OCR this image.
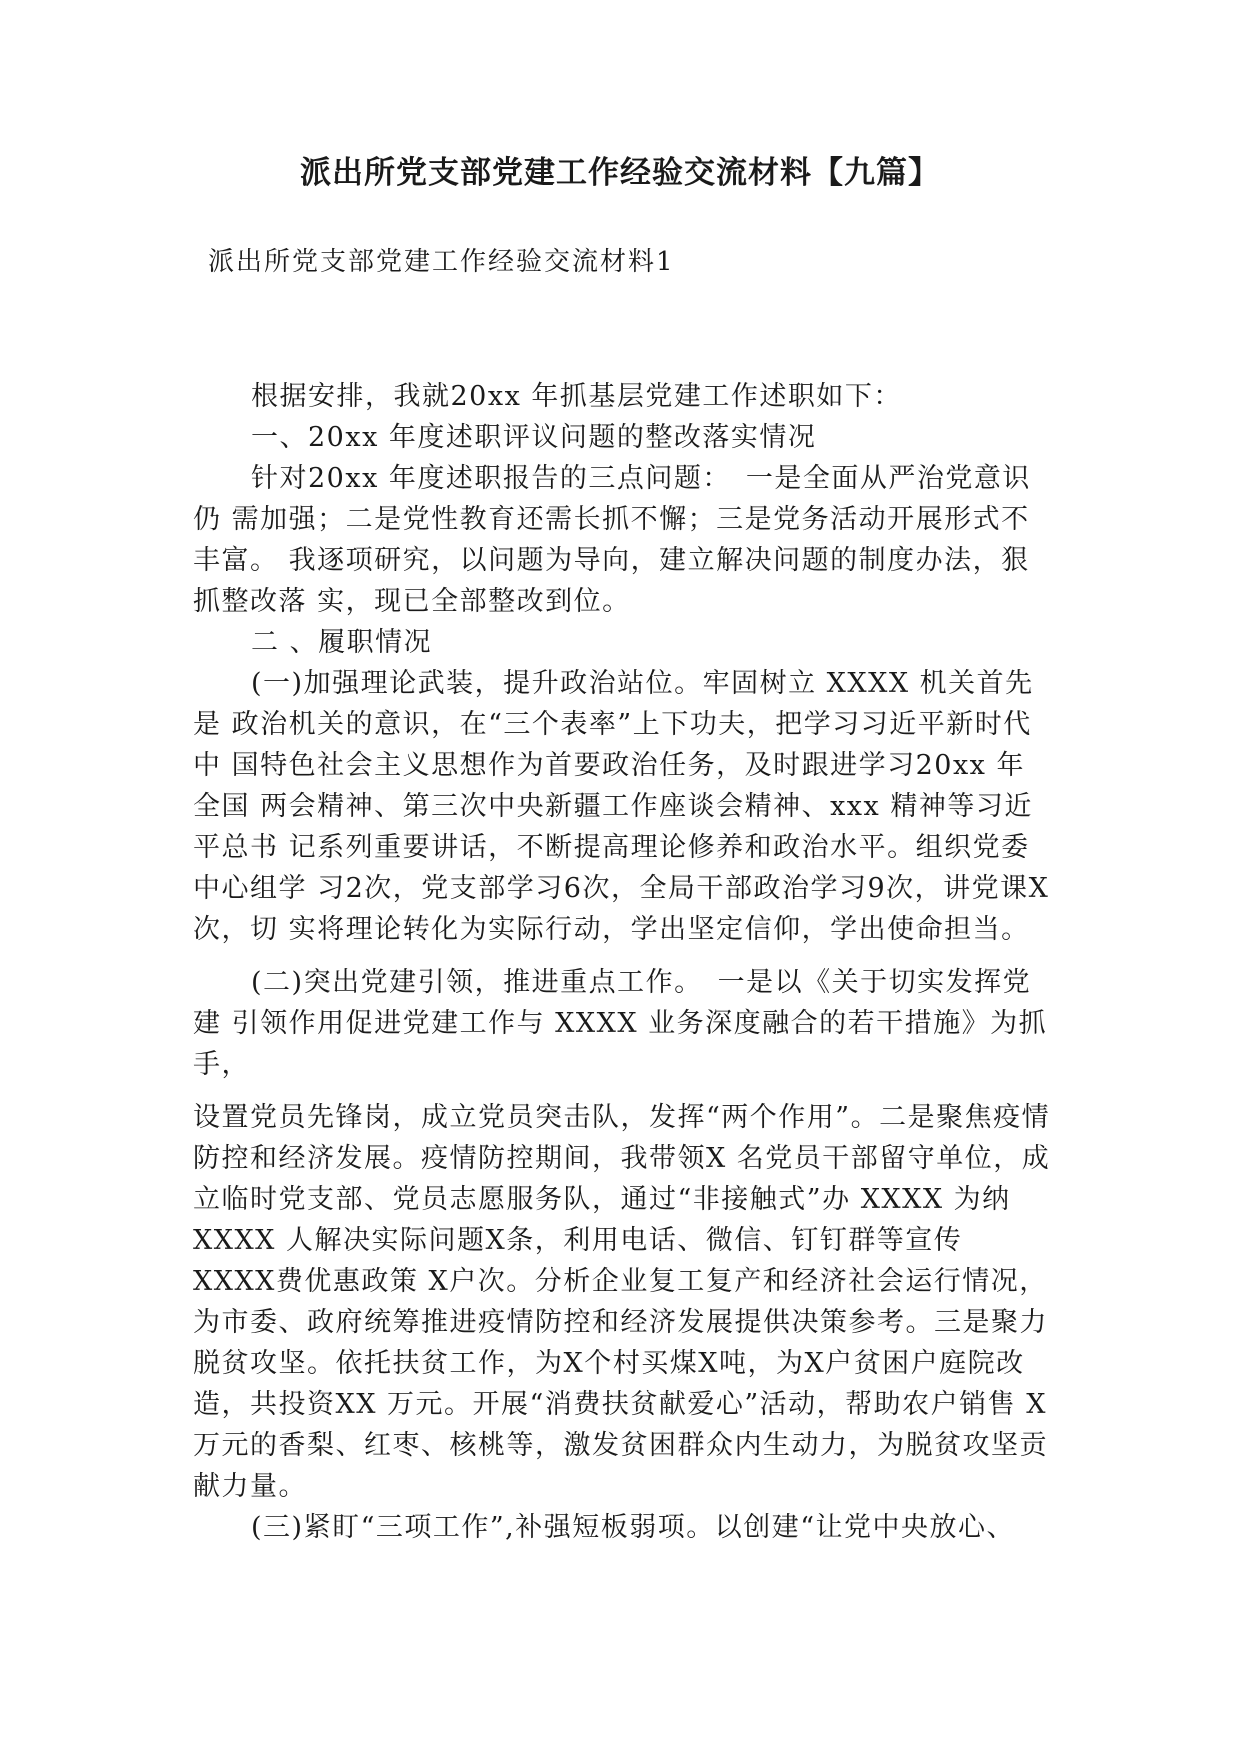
派出所党支部党建工作经验交流材料【九篇】

派出所党支部党建工作经验交流材料1

根据安排，我就20xx 年抓基层党建工作述职如下：

一、20xx 年度述职评议问题的整改落实情况

针对20xx 年度述职报告的三点问题：　一是全面从严治党意识仍 需加强；二是党性教育还需长抓不懈；三是党务活动开展形式不丰富。 我逐项研究，以问题为导向，建立解决问题的制度办法，狠抓整改落 实，现已全部整改到位。

二 、履职情况

(一)加强理论武装，提升政治站位。牢固树立 XXXX 机关首先是 政治机关的意识，在“三个表率”上下功夫，把学习习近平新时代中 国特色社会主义思想作为首要政治任务，及时跟进学习20xx 年全国 两会精神、第三次中央新疆工作座谈会精神、xxx 精神等习近平总书 记系列重要讲话，不断提高理论修养和政治水平。组织党委中心组学 习2次，党支部学习6次，全局干部政治学习9次，讲党课X次，切 实将理论转化为实际行动，学出坚定信仰，学出使命担当。

(二)突出党建引领，推进重点工作。　一是以《关于切实发挥党建 引领作用促进党建工作与 XXXX 业务深度融合的若干措施》为抓手，

设置党员先锋岗，成立党员突击队，发挥“两个作用”。二是聚焦疫情防控和经济发展。疫情防控期间，我带领X 名党员干部留守单位，成立临时党支部、党员志愿服务队，通过“非接触式”办 XXXX 为纳XXXX 人解决实际问题X条，利用电话、微信、钉钉群等宣传 XXXX费优惠政策 X户次。分析企业复工复产和经济社会运行情况，为市委、政府统筹推进疫情防控和经济发展提供决策参考。三是聚力脱贫攻坚。依托扶贫工作，为X个村买煤X吨，为X户贫困户庭院改造，共投资XX 万元。开展“消费扶贫献爱心”活动，帮助农户销售 X 万元的香梨、红枣、核桃等，激发贫困群众内生动力，为脱贫攻坚贡献力量。

(三)紧盯“三项工作”,补强短板弱项。以创建“让党中央放心、
